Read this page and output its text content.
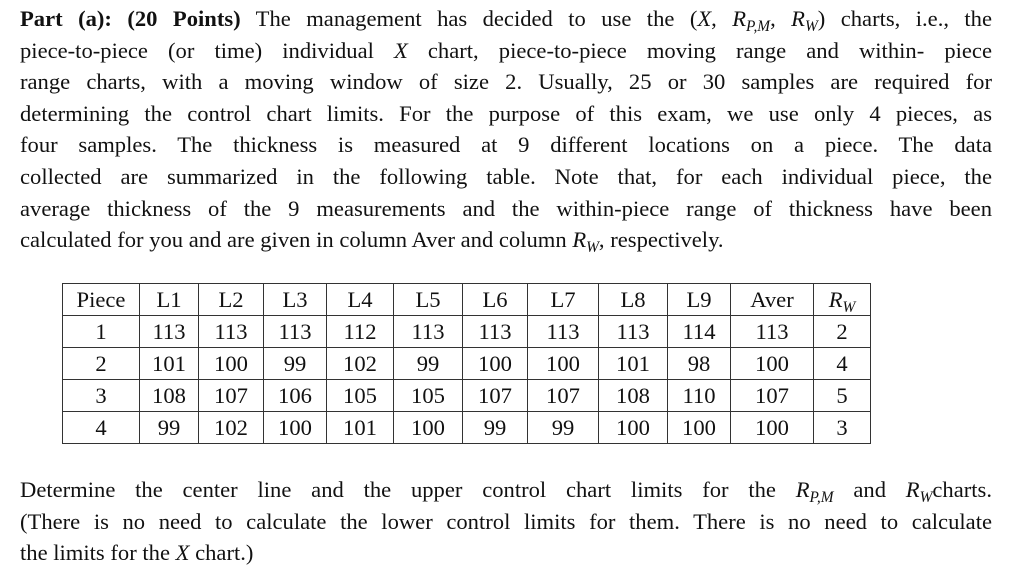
Part (a): (20 Points) The management has decided to use the (X, $R_{P,M}$, $R_W$) charts, i.e., the
piece-to-piece (or time) individual X chart, piece-to-piece moving range and within- piece
range charts, with a moving window of size 2. Usually, 25 or 30 samples are required for
determining the control chart limits. For the purpose of this exam, we use only 4 pieces, as
four samples. The thickness is measured at 9 different locations on a piece. The data
collected are summarized in the following table. Note that, for each individual piece, the
average thickness of the 9 measurements and the within-piece range of thickness have been
calculated for you and are given in column Aver and column $R_W$, respectively.
Piece	L1	L2	L3	L4	L5	L6	L7	L8	L9	Aver	$R_W$
1	113	113	113	112	113	113	113	113	114	113	2
2	101	100	99	102	99	100	100	101	98	100	4
3	108	107	106	105	105	107	107	108	110	107	5
4	99	102	100	101	100	99	99	100	100	100	3
Determine the center line and the upper control chart limits for the $R_{P,M}$ and $R_Wcharts$.
(There is no need to calculate the lower control limits for them. There is no need to calculate
the limits for the X chart.)
